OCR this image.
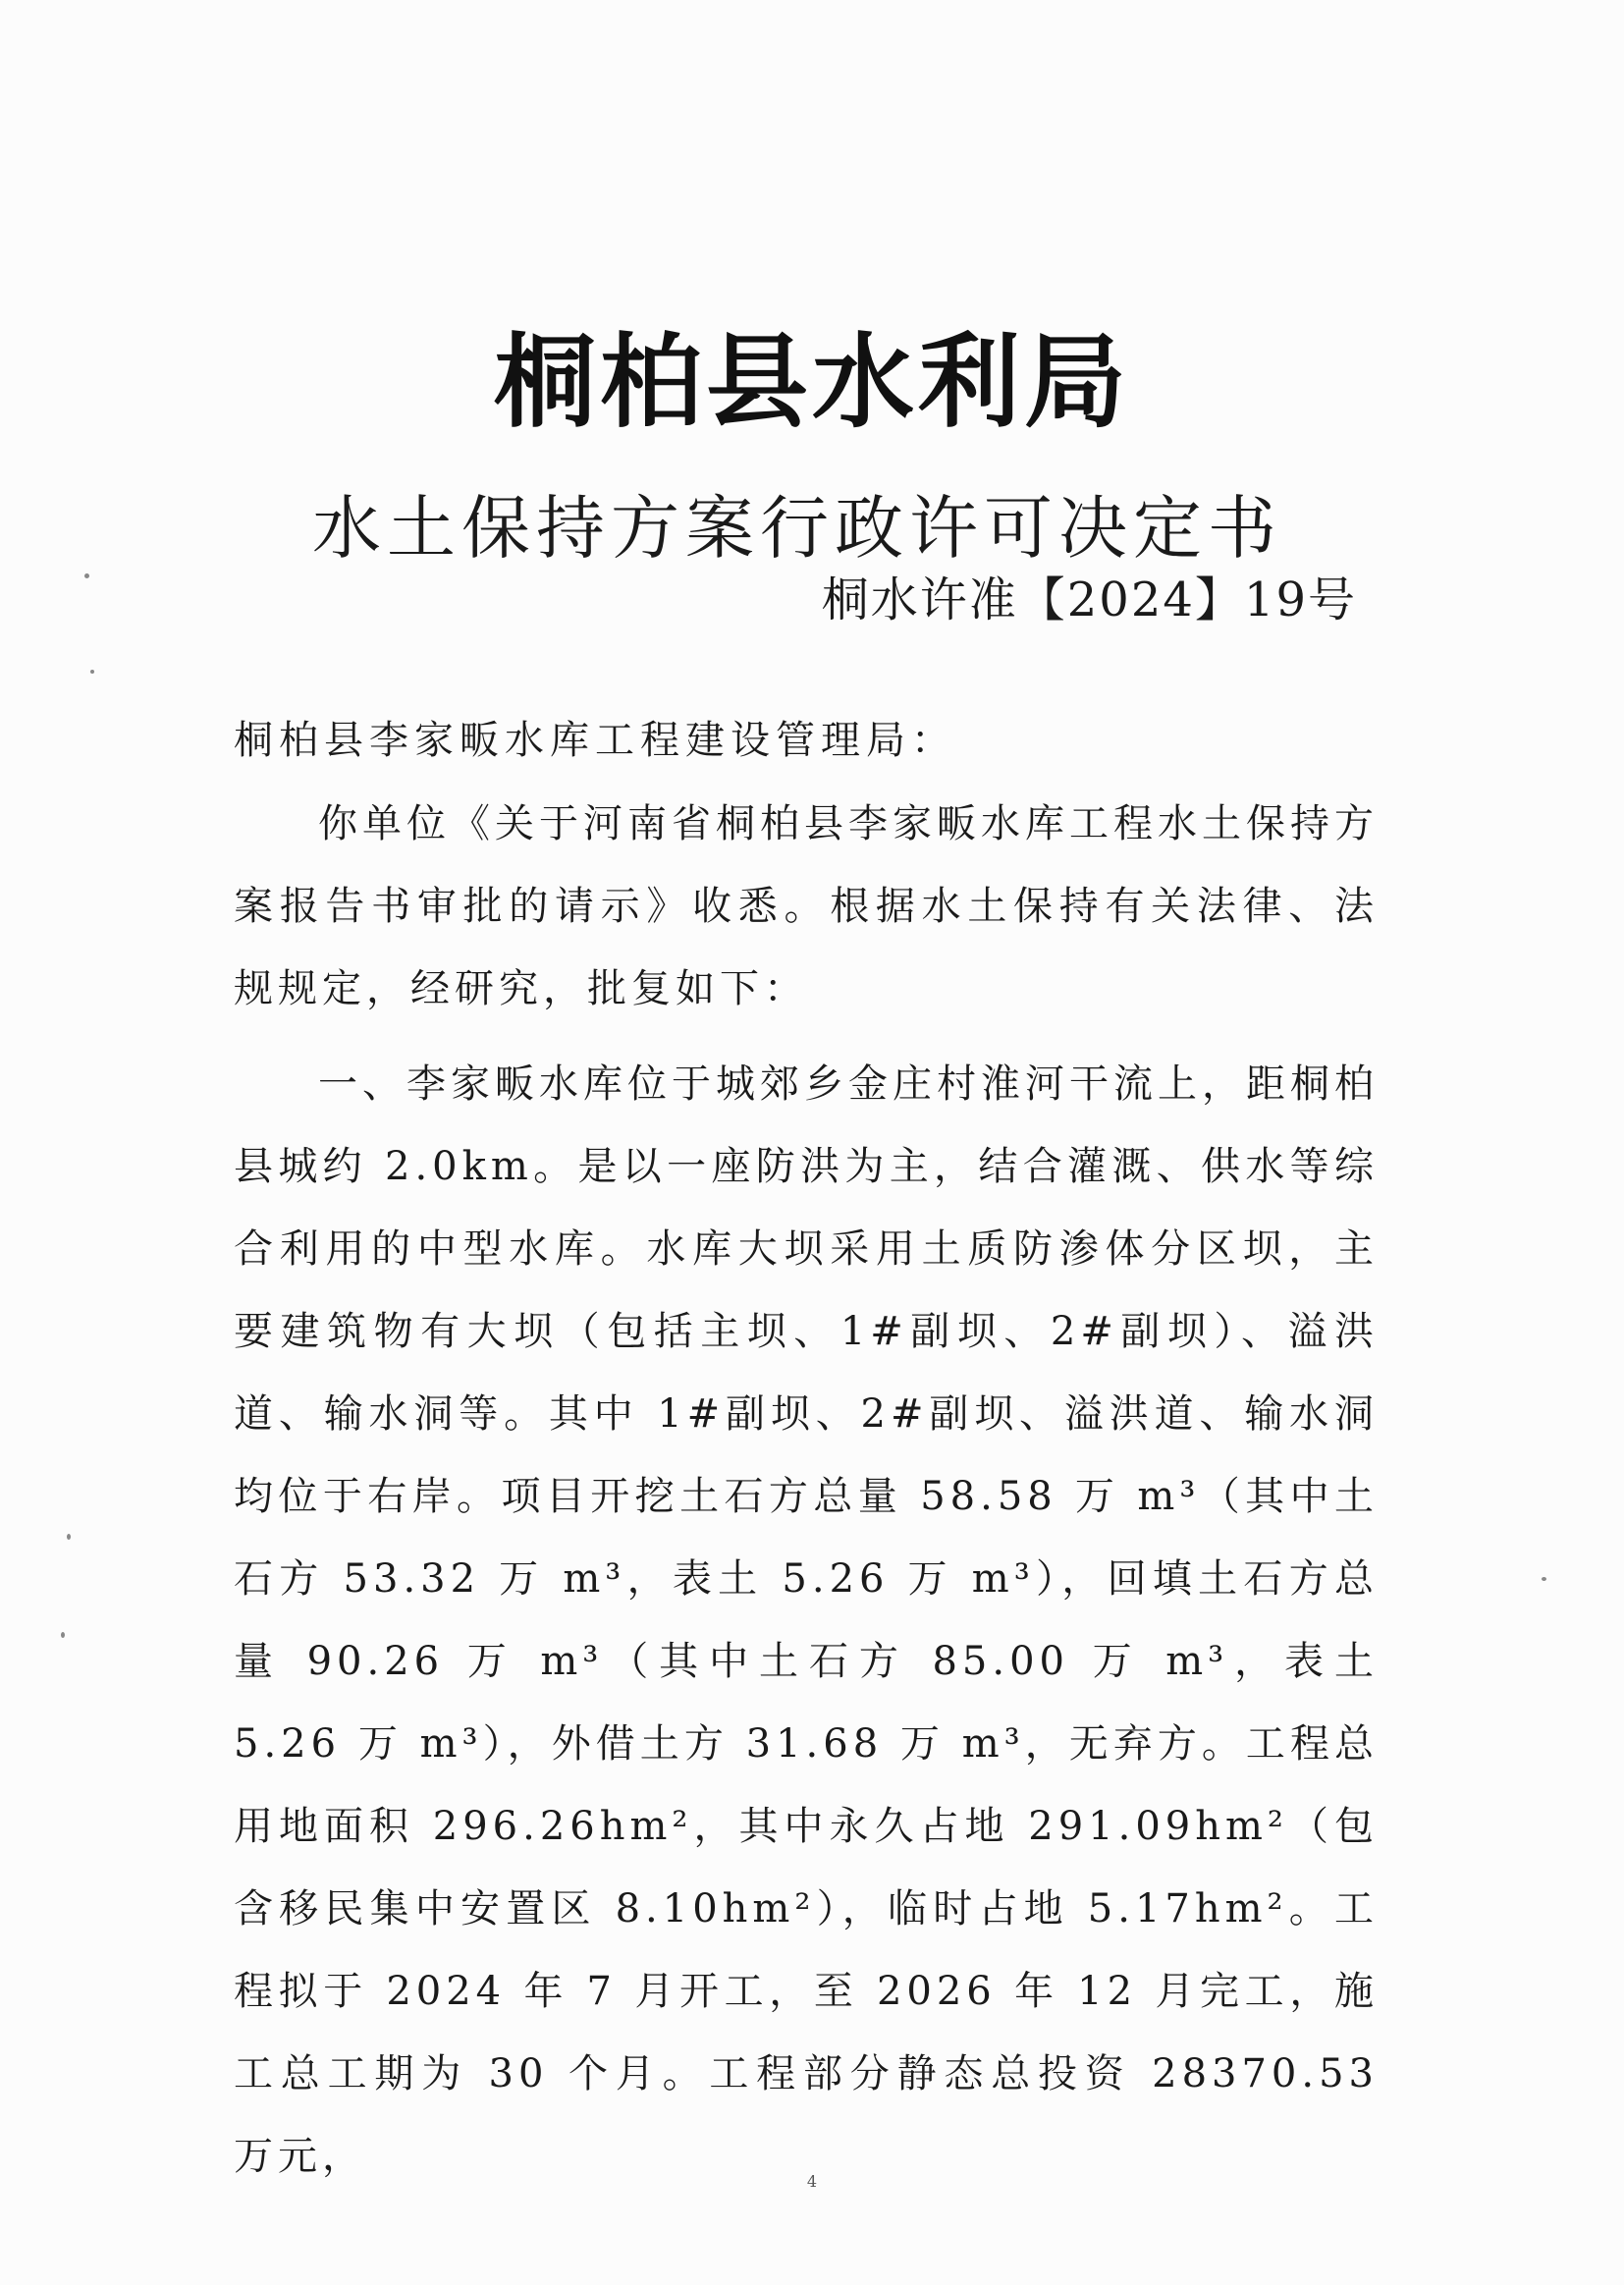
桐柏县水利局
水土保持方案行政许可决定书
桐水许准【2024】19号
桐柏县李家畈水库工程建设管理局：

你单位《关于河南省桐柏县李家畈水库工程水土保持方案报告书审批的请示》收悉。根据水土保持有关法律、法规规定，经研究，批复如下：

一、李家畈水库位于城郊乡金庄村淮河干流上，距桐柏县城约 2.0km。是以一座防洪为主，结合灌溉、供水等综合利用的中型水库。水库大坝采用土质防渗体分区坝，主要建筑物有大坝（包括主坝、1#副坝、2#副坝）、溢洪道、输水洞等。其中 1#副坝、2#副坝、溢洪道、输水洞均位于右岸。项目开挖土石方总量 58.58 万 m³（其中土石方 53.32 万 m³，表土 5.26 万 m³），回填土石方总量 90.26 万 m³（其中土石方 85.00 万 m³，表土 5.26 万 m³），外借土方 31.68 万 m³，无弃方。工程总用地面积 296.26hm²，其中永久占地 291.09hm²（包含移民集中安置区 8.10hm²），临时占地 5.17hm²。工程拟于 2024 年 7 月开工，至 2026 年 12 月完工，施工总工期为 30 个月。工程部分静态总投资 28370.53 万元，

4
